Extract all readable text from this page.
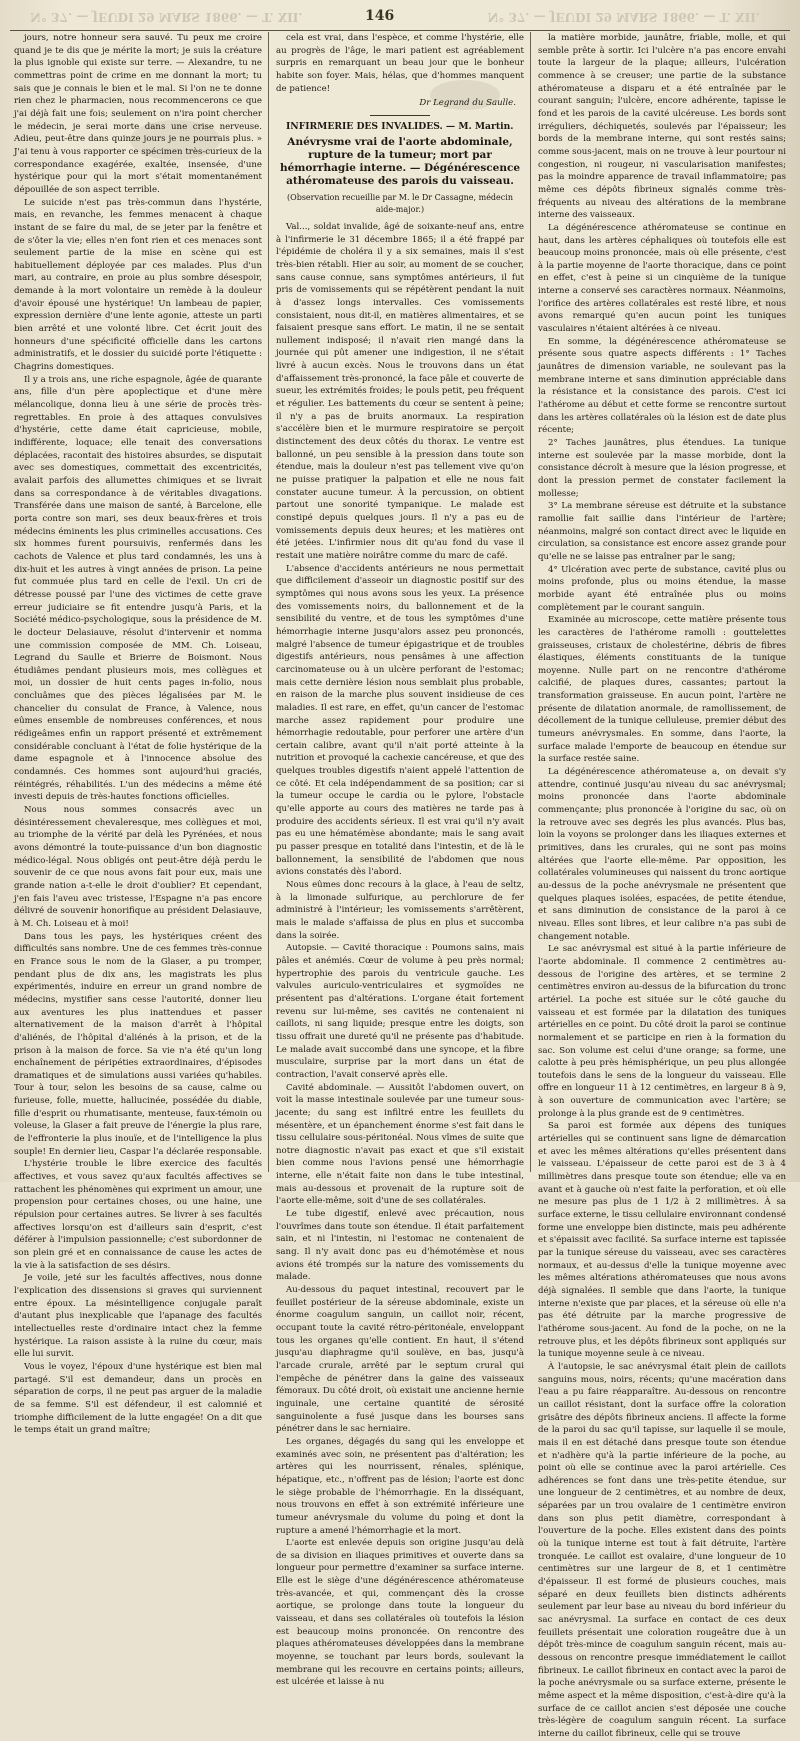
N° 37. — JEUDI 29 MARS 1866. — T. XII.	146	N° 37. — JEUDI 29 MARS 1866. — T. XII.

jours, notre honneur sera sauvé. Tu peux me croire quand je te dis que je mérite la mort; je suis la créature la plus ignoble qui existe sur terre. — Alexandre, tu ne commettras point de crime en me donnant la mort; tu sais que je connais le bien et le mal. Si l'on ne te donne rien chez le pharmacien, nous recommencerons ce que j'ai déjà fait une fois; seulement on n'ira point chercher le médecin, je serai morte dans une crise nerveuse. Adieu, peut-être dans quinze jours je ne pourrais plus. » J'ai tenu à vous rapporter ce spécimen très-curieux de la correspondance exagérée, exaltée, insensée, d'une hystérique pour qui la mort s'était momentanément dépouillée de son aspect terrible.

Le suicide n'est pas très-commun dans l'hystérie, mais, en revanche, les femmes menacent à chaque instant de se faire du mal, de se jeter par la fenêtre et de s'ôter la vie; elles n'en font rien et ces menaces sont seulement partie de la mise en scène qui est habituellement déployée par ces malades. Plus d'un mari, au contraire, en proie au plus sombre désespoir, demande à la mort volontaire un remède à la douleur d'avoir épousé une hystérique! Un lambeau de papier, expression dernière d'une lente agonie, atteste un parti bien arrêté et une volonté libre. Cet écrit jouit des honneurs d'une spécificité officielle dans les cartons administratifs, et le dossier du suicidé porte l'étiquette : Chagrins domestiques.

Il y a trois ans, une riche espagnole, âgée de quarante ans, fille d'un père apoplectique et d'une mère mélancolique, donna lieu à une série de procès très-regrettables. En proie à des attaques convulsives d'hystérie, cette dame était capricieuse, mobile, indifférente, loquace; elle tenait des conversations déplacées, racontait des histoires absurdes, se disputait avec ses domestiques, commettait des excentricités, avalait parfois des allumettes chimiques et se livrait dans sa correspondance à de véritables divagations. Transférée dans une maison de santé, à Barcelone, elle porta contre son mari, ses deux beaux-frères et trois médecins éminents les plus criminelles accusations. Ces six hommes furent poursuivis, renfermés dans les cachots de Valence et plus tard condamnés, les uns à dix-huit et les autres à vingt années de prison. La peine fut commuée plus tard en celle de l'exil. Un cri de détresse poussé par l'une des victimes de cette grave erreur judiciaire se fit entendre jusqu'à Paris, et la Société médico-psychologique, sous la présidence de M. le docteur Delasiauve, résolut d'intervenir et nomma une commission composée de MM. Ch. Loiseau, Legrand du Saulle et Brierre de Boismont. Nous étudiâmes pendant plusieurs mois, mes collègues et moi, un dossier de huit cents pages in-folio, nous concluâmes que des pièces légalisées par M. le chancelier du consulat de France, à Valence, nous eûmes ensemble de nombreuses conférences, et nous rédigeâmes enfin un rapport présenté et extrêmement considérable concluant à l'état de folie hystérique de la dame espagnole et à l'innocence absolue des condamnés. Ces hommes sont aujourd'hui graciés, réintégrés, réhabilités. L'un des médecins a même été investi depuis de très-hautes fonctions officielles.

Nous nous sommes consacrés avec un désintéressement chevaleresque, mes collègues et moi, au triomphe de la vérité par delà les Pyrénées, et nous avons démontré la toute-puissance d'un bon diagnostic médico-légal. Nous obligés ont peut-être déjà perdu le souvenir de ce que nous avons fait pour eux, mais une grande nation a-t-elle le droit d'oublier? Et cependant, j'en fais l'aveu avec tristesse, l'Espagne n'a pas encore délivré de souvenir honorifique au président Delasiauve, à M. Ch. Loiseau et à moi!

Dans tous les pays, les hystériques créent des difficultés sans nombre. Une de ces femmes très-connue en France sous le nom de la Glaser, a pu tromper, pendant plus de dix ans, les magistrats les plus expérimentés, induire en erreur un grand nombre de médecins, mystifier sans cesse l'autorité, donner lieu aux aventures les plus inattendues et passer alternativement de la maison d'arrêt à l'hôpital d'aliénés, de l'hôpital d'aliénés à la prison, et de la prison à la maison de force. Sa vie n'a été qu'un long enchaînement de péripéties extraordinaires, d'épisodes dramatiques et de simulations aussi variées qu'habiles. Tour à tour, selon les besoins de sa cause, calme ou furieuse, folle, muette, hallucinée, possédée du diable, fille d'esprit ou rhumatisante, menteuse, faux-témoin ou voleuse, la Glaser a fait preuve de l'énergie la plus rare, de l'effronterie la plus inouïe, et de l'intelligence la plus souple! En dernier lieu, Caspar l'a déclarée responsable.

L'hystérie trouble le libre exercice des facultés affectives, et vous savez qu'aux facultés affectives se rattachent les phénomènes qui expriment un amour, une propension pour certaines choses, ou une haine, une répulsion pour certaines autres. Se livrer à ses facultés affectives lorsqu'on est d'ailleurs sain d'esprit, c'est déférer à l'impulsion passionnelle; c'est subordonner de son plein gré et en connaissance de cause les actes de la vie à la satisfaction de ses désirs.

Je voile, jeté sur les facultés affectives, nous donne l'explication des dissensions si graves qui surviennent entre époux. La mésintelligence conjugale paraît d'autant plus inexplicable que l'apanage des facultés intellectuelles reste d'ordinaire intact chez la femme hystérique. La raison assiste à la ruine du cœur, mais elle lui survit.

Vous le voyez, l'époux d'une hystérique est bien mal partagé. S'il est demandeur, dans un procès en séparation de corps, il ne peut pas arguer de la maladie de sa femme. S'il est défendeur, il est calomnié et triomphe difficilement de la lutte engagée! On a dit que le temps était un grand maître;

cela est vrai, dans l'espèce, et comme l'hystérie, elle au progrès de l'âge, le mari patient est agréablement surpris en remarquant un beau jour que le bonheur habite son foyer. Mais, hélas, que d'hommes manquent de patience!

Dr Legrand du Saulle.

INFIRMERIE DES INVALIDES. — M. Martin.
Anévrysme vrai de l'aorte abdominale, rupture de la tumeur; mort par hémorrhagie interne. — Dégénérescence athéromateuse des parois du vaisseau.

(Observation recueillie par M. le Dr Cassagne, médecin aide-major.)

Val..., soldat invalide, âgé de soixante-neuf ans, entre à l'infirmerie le 31 décembre 1865; il a été frappé par l'épidémie de choléra il y a six semaines, mais il s'est très-bien rétabli. Hier au soir, au moment de se coucher, sans cause connue, sans symptômes antérieurs, il fut pris de vomissements qui se répétèrent pendant la nuit à d'assez longs intervalles. Ces vomissements consistaient, nous dit-il, en matières alimentaires, et se faisaient presque sans effort. Le matin, il ne se sentait nullement indisposé; il n'avait rien mangé dans la journée qui pût amener une indigestion, il ne s'était livré à aucun excès. Nous le trouvons dans un état d'affaissement très-prononcé, la face pâle et couverte de sueur, les extrémités froides; le pouls petit, peu fréquent et régulier. Les battements du cœur se sentent à peine; il n'y a pas de bruits anormaux. La respiration s'accélère bien et le murmure respiratoire se perçoit distinctement des deux côtés du thorax. Le ventre est ballonné, un peu sensible à la pression dans toute son étendue, mais la douleur n'est pas tellement vive qu'on ne puisse pratiquer la palpation et elle ne nous fait constater aucune tumeur. À la percussion, on obtient partout une sonorité tympanique. Le malade est constipé depuis quelques jours. Il n'y a pas eu de vomissements depuis deux heures; et les matières ont été jetées. L'infirmier nous dit qu'au fond du vase il restait une matière noirâtre comme du marc de café.

L'absence d'accidents antérieurs ne nous permettait que difficilement d'asseoir un diagnostic positif sur des symptômes qui nous avons sous les yeux. La présence des vomissements noirs, du ballonnement et de la sensibilité du ventre, et de tous les symptômes d'une hémorrhagie interne jusqu'alors assez peu prononcés, malgré l'absence de tumeur épigastrique et de troubles digestifs antérieurs, nous pensâmes à une affection carcinomateuse ou à un ulcère perforant de l'estomac; mais cette dernière lésion nous semblait plus probable, en raison de la marche plus souvent insidieuse de ces maladies. Il est rare, en effet, qu'un cancer de l'estomac marche assez rapidement pour produire une hémorrhagie redoutable, pour perforer une artère d'un certain calibre, avant qu'il n'ait porté atteinte à la nutrition et provoqué la cachexie cancéreuse, et que des quelques troubles digestifs n'aient appelé l'attention de ce côté. Et cela indépendamment de sa position; car si la tumeur occupe le cardia ou le pylore, l'obstacle qu'elle apporte au cours des matières ne tarde pas à produire des accidents sérieux. Il est vrai qu'il n'y avait pas eu une hématémèse abondante; mais le sang avait pu passer presque en totalité dans l'intestin, et de là le ballonnement, la sensibilité de l'abdomen que nous avions constatés dès l'abord.

Nous eûmes donc recours à la glace, à l'eau de seltz, à la limonade sulfurique, au perchlorure de fer administré à l'intérieur; les vomissements s'arrêtèrent, mais le malade s'affaissa de plus en plus et succomba dans la soirée.

Autopsie. — Cavité thoracique : Poumons sains, mais pâles et anémiés. Cœur de volume à peu près normal; hypertrophie des parois du ventricule gauche. Les valvules auriculo-ventriculaires et sygmoïdes ne présentent pas d'altérations. L'organe était fortement revenu sur lui-même, ses cavités ne contenaient ni caillots, ni sang liquide; presque entre les doigts, son tissu offrait une dureté qu'il ne présente pas d'habitude. Le malade avait succombé dans une syncope, et la fibre musculaire, surprise par la mort dans un état de contraction, l'avait conservé après elle.

Cavité abdominale. — Aussitôt l'abdomen ouvert, on voit la masse intestinale soulevée par une tumeur sous-jacente; du sang est infiltré entre les feuillets du mésentère, et un épanchement énorme s'est fait dans le tissu cellulaire sous-péritonéal. Nous vîmes de suite que notre diagnostic n'avait pas exact et que s'il existait bien comme nous l'avions pensé une hémorrhagie interne, elle n'était faite non dans le tube intestinal, mais au-dessous et provenait de la rupture soit de l'aorte elle-même, soit d'une de ses collatérales.

Le tube digestif, enlevé avec précaution, nous l'ouvrîmes dans toute son étendue. Il était parfaitement sain, et ni l'intestin, ni l'estomac ne contenaient de sang. Il n'y avait donc pas eu d'hémotémèse et nous avions été trompés sur la nature des vomissements du malade.

Au-dessous du paquet intestinal, recouvert par le feuillet postérieur de la séreuse abdominale, existe un énorme coagulum sanguin, un caillot noir, récent, occupant toute la cavité rétro-péritonéale, enveloppant tous les organes qu'elle contient. En haut, il s'étend jusqu'au diaphragme qu'il soulève, en bas, jusqu'à l'arcade crurale, arrêté par le septum crural qui l'empêche de pénétrer dans la gaine des vaisseaux fémoraux. Du côté droit, où existait une ancienne hernie inguinale, une certaine quantité de sérosité sanguinolente a fusé jusque dans les bourses sans pénétrer dans le sac herniaire.

Les organes, dégagés du sang qui les enveloppe et examinés avec soin, ne présentent pas d'altération; les artères qui les nourrissent, rénales, splénique, hépatique, etc., n'offrent pas de lésion; l'aorte est donc le siège probable de l'hémorrhagie. En la disséquant, nous trouvons en effet à son extrémité inférieure une tumeur anévrysmale du volume du poing et dont la rupture a amené l'hémorrhagie et la mort.

L'aorte est enlevée depuis son origine jusqu'au delà de sa division en iliaques primitives et ouverte dans sa longueur pour permettre d'examiner sa surface interne. Elle est le siège d'une dégénérescence athéromateuse très-avancée, et qui, commençant dès la crosse aortique, se prolonge dans toute la longueur du vaisseau, et dans ses collatérales où toutefois la lésion est beaucoup moins prononcée. On rencontre des plaques athéromateuses développées dans la membrane moyenne, se touchant par leurs bords, soulevant la membrane qui les recouvre en certains points; ailleurs, est ulcérée et laisse à nu

la matière morbide, jaunâtre, friable, molle, et qui semble prête à sortir. Ici l'ulcère n'a pas encore envahi toute la largeur de la plaque; ailleurs, l'ulcération commence à se creuser; une partie de la substance athéromateuse a disparu et a été entraînée par le courant sanguin; l'ulcère, encore adhérente, tapisse le fond et les parois de la cavité ulcéreuse. Les bords sont irréguliers, déchiquetés, soulevés par l'épaisseur; les bords de la membrane interne, qui sont restés sains; comme sous-jacent, mais on ne trouve à leur pourtour ni congestion, ni rougeur, ni vascularisation manifestes; pas la moindre apparence de travail inflammatoire; pas même ces dépôts fibrineux signalés comme très-fréquents au niveau des altérations de la membrane interne des vaisseaux.

La dégénérescence athéromateuse se continue en haut, dans les artères céphaliques où toutefois elle est beaucoup moins prononcée, mais où elle présente, c'est à la partie moyenne de l'aorte thoracique, dans ce point en effet, c'est à peine si un cinquième de la tunique interne a conservé ses caractères normaux. Néanmoins, l'orifice des artères collatérales est resté libre, et nous avons remarqué qu'en aucun point les tuniques vasculaires n'étaient altérées à ce niveau.

En somme, la dégénérescence athéromateuse se présente sous quatre aspects différents : 1° Taches jaunâtres de dimension variable, ne soulevant pas la membrane interne et sans diminution appréciable dans la résistance et la consistance des parois. C'est ici l'athérome au début et cette forme se rencontre surtout dans les artères collatérales où la lésion est de date plus récente;

2° Taches jaunâtres, plus étendues. La tunique interne est soulevée par la masse morbide, dont la consistance décroît à mesure que la lésion progresse, et dont la pression permet de constater facilement la mollesse;

3° La membrane séreuse est détruite et la substance ramollie fait saillie dans l'intérieur de l'artère; néanmoins, malgré son contact direct avec le liquide en circulation, sa consistance est encore assez grande pour qu'elle ne se laisse pas entraîner par le sang;

4° Ulcération avec perte de substance, cavité plus ou moins profonde, plus ou moins étendue, la masse morbide ayant été entraînée plus ou moins complètement par le courant sanguin.

Examinée au microscope, cette matière présente tous les caractères de l'athérome ramolli : gouttelettes graisseuses, cristaux de cholestérine, débris de fibres élastiques, éléments constituants de la tunique moyenne. Nulle part on ne rencontre d'athérome calcifié, de plaques dures, cassantes; partout la transformation graisseuse. En aucun point, l'artère ne présente de dilatation anormale, de ramollissement, de décollement de la tunique celluleuse, premier début des tumeurs anévrysmales. En somme, dans l'aorte, la surface malade l'emporte de beaucoup en étendue sur la surface restée saine.

La dégénérescence athéromateuse a, on devait s'y attendre, continué jusqu'au niveau du sac anévrysmal; moins prononcée dans l'aorte abdominale commençante; plus prononcée à l'origine du sac, où on la retrouve avec ses degrés les plus avancés. Plus bas, loin la voyons se prolonger dans les iliaques externes et primitives, dans les crurales, qui ne sont pas moins altérées que l'aorte elle-même. Par opposition, les collatérales volumineuses qui naissent du tronc aortique au-dessus de la poche anévrysmale ne présentent que quelques plaques isolées, espacées, de petite étendue, et sans diminution de consistance de la paroi à ce niveau. Elles sont libres, et leur calibre n'a pas subi de changement notable.

Le sac anévrysmal est situé à la partie inférieure de l'aorte abdominale. Il commence 2 centimètres au-dessous de l'origine des artères, et se termine 2 centimètres environ au-dessus de la bifurcation du tronc artériel. La poche est située sur le côté gauche du vaisseau et est formée par la dilatation des tuniques artérielles en ce point. Du côté droit la paroi se continue normalement et se participe en rien à la formation du sac. Son volume est celui d'une orange; sa forme, une calotte à peu près hémisphérique, un peu plus allongée toutefois dans le sens de la longueur du vaisseau. Elle offre en longueur 11 à 12 centimètres, en largeur 8 à 9, à son ouverture de communication avec l'artère; se prolonge à la plus grande est de 9 centimètres.

Sa paroi est formée aux dépens des tuniques artérielles qui se continuent sans ligne de démarcation et avec les mêmes altérations qu'elles présentent dans le vaisseau. L'épaisseur de cette paroi est de 3 à 4 millimètres dans presque toute son étendue; elle va en avant et à gauche où n'est faite la perforation, et où elle ne mesure pas plus de 1 1/2 à 2 millimètres. À sa surface externe, le tissu cellulaire environnant condensé forme une enveloppe bien distincte, mais peu adhérente et s'épaissit avec facilité. Sa surface interne est tapissée par la tunique séreuse du vaisseau, avec ses caractères normaux, et au-dessus d'elle la tunique moyenne avec les mêmes altérations athéromateuses que nous avons déjà signalées. Il semble que dans l'aorte, la tunique interne n'existe que par places, et la séreuse où elle n'a pas été détruite par la marche progressive de l'athérome sous-jacent. Au fond de la poche, on ne la retrouve plus, et les dépôts fibrineux sont appliqués sur la tunique moyenne seule à ce niveau.

À l'autopsie, le sac anévrysmal était plein de caillots sanguins mous, noirs, récents; qu'une macération dans l'eau a pu faire réapparaître. Au-dessous on rencontre un caillot résistant, dont la surface offre la coloration grisâtre des dépôts fibrineux anciens. Il affecte la forme de la paroi du sac qu'il tapisse, sur laquelle il se moule, mais il en est détaché dans presque toute son étendue et n'adhère qu'à la partie inférieure de la poche, au point où elle se continue avec la paroi artérielle. Ces adhérences se font dans une très-petite étendue, sur une longueur de 2 centimètres, et au nombre de deux, séparées par un trou ovalaire de 1 centimètre environ dans son plus petit diamètre, correspondant à l'ouverture de la poche. Elles existent dans des points où la tunique interne est tout à fait détruite, l'artère tronquée. Le caillot est ovalaire, d'une longueur de 10 centimètres sur une largeur de 8, et 1 centimètre d'épaisseur. Il est formé de plusieurs couches, mais séparé en deux feuillets bien distincts adhérents seulement par leur base au niveau du bord inférieur du sac anévrysmal. La surface en contact de ces deux feuillets présentait une coloration rougeâtre due à un dépôt très-mince de coagulum sanguin récent, mais au-dessous on rencontre presque immédiatement le caillot fibrineux. Le caillot fibrineux en contact avec la paroi de la poche anévrysmale ou sa surface externe, présente le même aspect et la même disposition, c'est-à-dire qu'à la surface de ce caillot ancien s'est déposée une couche très-légère de coagulum sanguin récent. La surface interne du caillot fibrineux, celle qui se trouve
